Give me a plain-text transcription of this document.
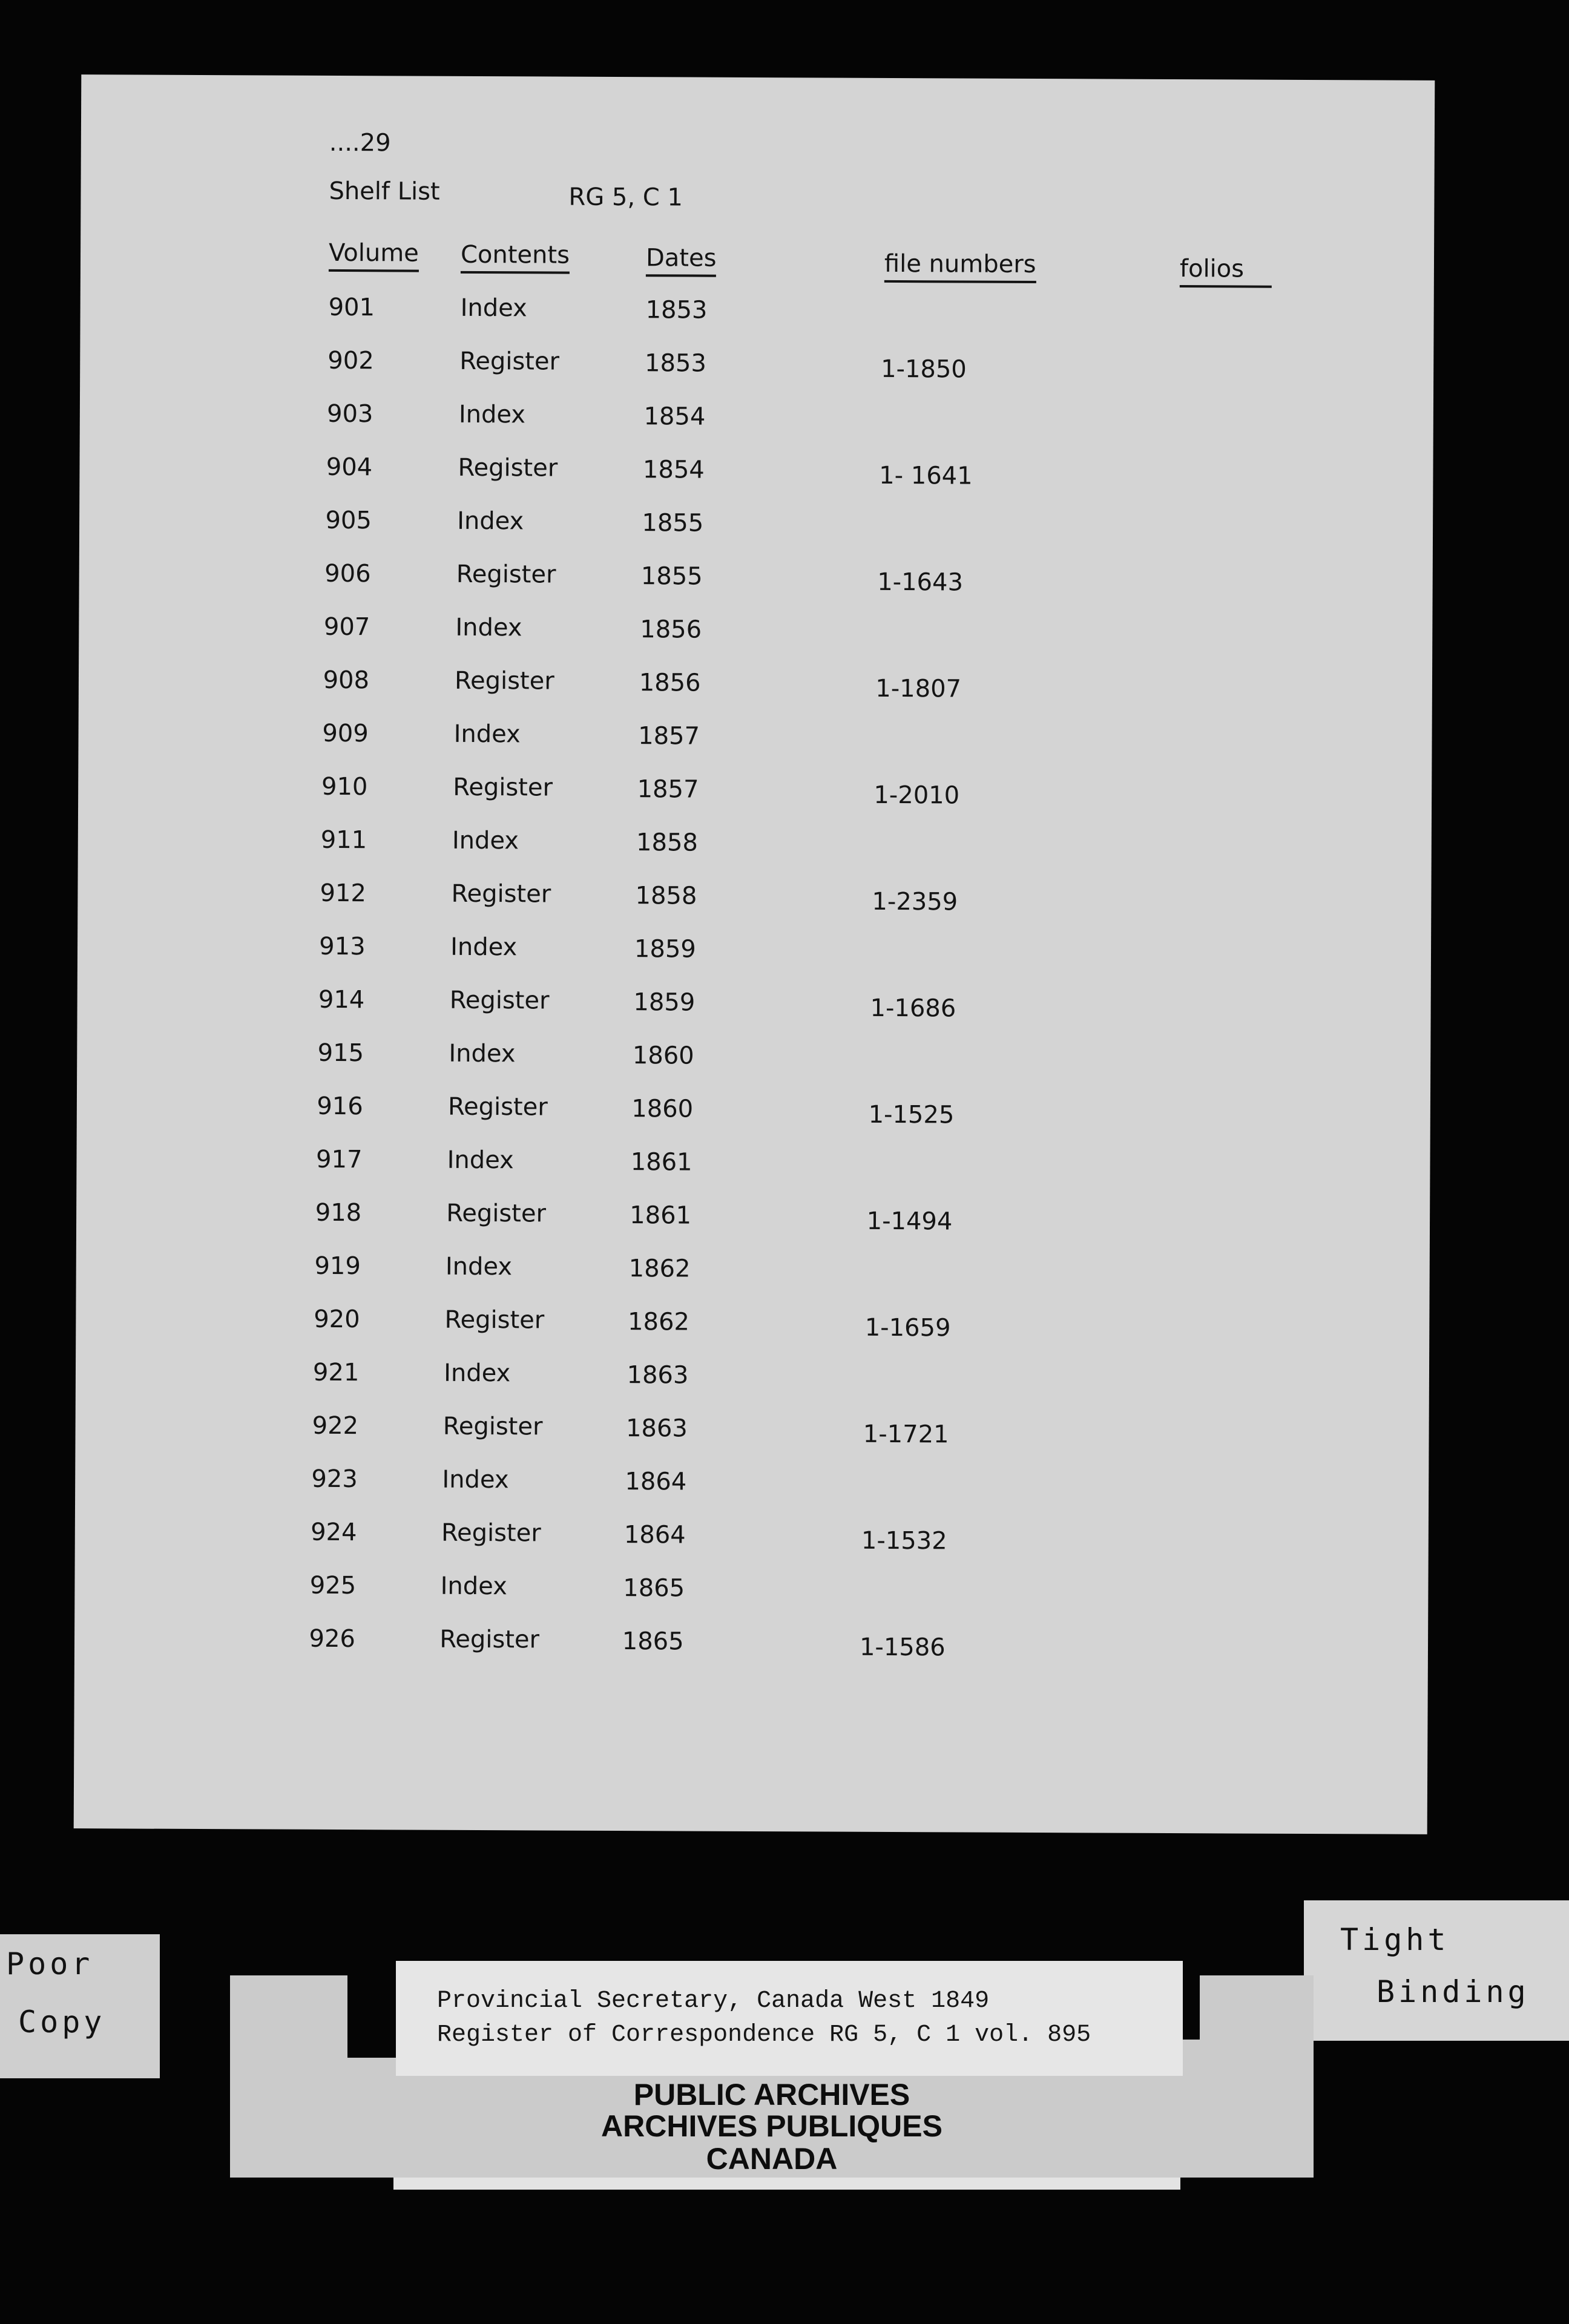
....29
Shelf List	RG 5, C 1
Volume Contents	Dates	file numbers	folios
901	Index	1853
902	Register	1853	1-1850
903	Index	1854
904	Register	1854	1- 1641
905	Index	1855
906	Register	1855	1-1643
907	Index	1856
908	Register	1856	1-1807
909	Index	1857
910	Register	1857	1-2010
911	Index	1858
912	Register	1858	1-2359
913	Index	1859
914	Register	1859	1-1686
915	Index	1860
916	Register	1860	1-1525
917	Index	1861
918	Register	1861	1-1494
919	Index	1862
920	Register	1862	1-1659
921	Index	1863
922	Register	1863	1-1721
923	Index	1864
924	Register	1864	1-1532
925	Index	1865
926	Register	1865	1-1586
Poor
Copy
Tight
Binding
Provincial Secretary, Canada West 1849
Register of Correspondence RG 5, C 1 vol. 895
PUBLIC ARCHIVES
ARCHIVES PUBLIQUES
CANADA
